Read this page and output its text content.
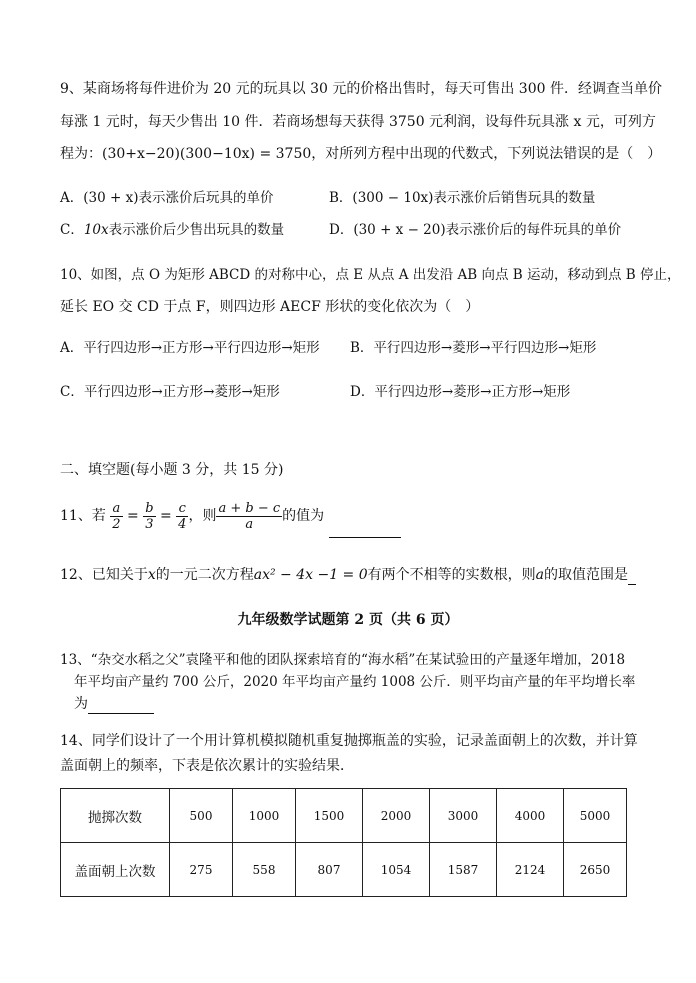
9、某商场将每件进价为 20 元的玩具以 30 元的价格出售时，每天可售出 300 件．经调查当单价
每涨 1 元时，每天少售出 10 件．若商场想每天获得 3750 元利润，设每件玩具涨 x 元，可列方
程为：(30+x−20)(300−10x) = 3750，对所列方程中出现的代数式，下列说法错误的是（　）
A．(30 + x)表示涨价后玩具的单价	B．(300 − 10x)表示涨价后销售玩具的数量
C．10x表示涨价后少售出玩具的数量	D．(30 + x − 20)表示涨价后的每件玩具的单价
10、如图，点 O 为矩形 ABCD 的对称中心，点 E 从点 A 出发沿 AB 向点 B 运动，移动到点 B 停止，
延长 EO 交 CD 于点 F，则四边形 AECF 形状的变化依次为（　）
A．平行四边形→正方形→平行四边形→矩形 B．平行四边形→菱形→平行四边形→矩形
C．平行四边形→正方形→菱形→矩形	D．平行四边形→菱形→正方形→矩形
二、填空题(每小题 3 分，共 15 分)
11、若 $\frac{a}{2} = \frac{b}{3} = \frac{c}{4}$ ，则 $\frac{a + b - c}{a}$ 的值为
12、已知关于x的一元二次方程ax² − 4x −1 = 0有两个不相等的实数根，则a的取值范围是
九年级数学试题第 2 页（共 6 页）
13、“杂交水稻之父”袁隆平和他的团队探索培育的“海水稻”在某试验田的产量逐年增加，2018
年平均亩产量约 700 公斤，2020 年平均亩产量约 1008 公斤．则平均亩产量的年平均增长率
为
14、同学们设计了一个用计算机模拟随机重复抛掷瓶盖的实验，记录盖面朝上的次数，并计算
盖面朝上的频率，下表是依次累计的实验结果．
抛掷次数	500	1000	1500	2000	3000	4000	5000
盖面朝上次数	275	558	807	1054	1587	2124	2650
